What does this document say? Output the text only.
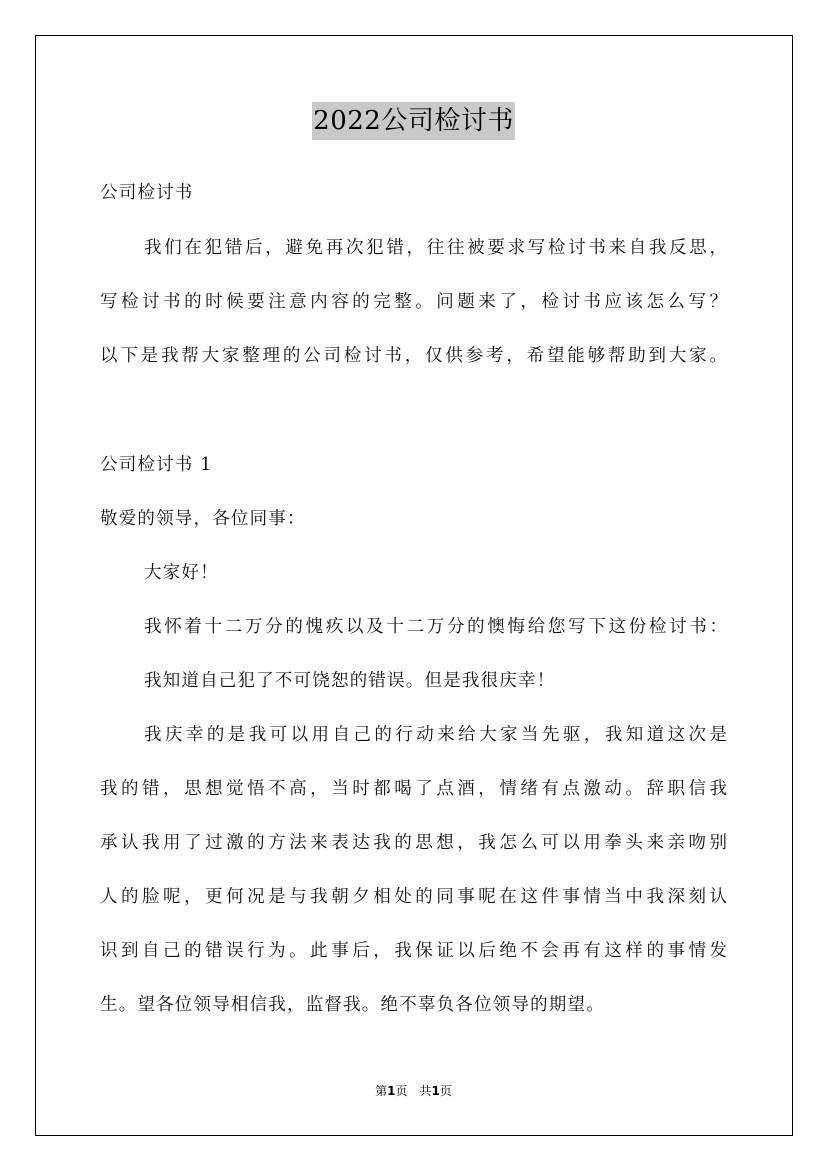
2022公司检讨书
公司检讨书
我们在犯错后，避免再次犯错，往往被要求写检讨书来自我反思，
写检讨书的时候要注意内容的完整。问题来了，检讨书应该怎么写？
以下是我帮大家整理的公司检讨书，仅供参考，希望能够帮助到大家。
公司检讨书 1
敬爱的领导，各位同事：
大家好！
我怀着十二万分的愧疚以及十二万分的懊悔给您写下这份检讨书：
我知道自己犯了不可饶恕的错误。但是我很庆幸！
我庆幸的是我可以用自己的行动来给大家当先驱，我知道这次是
我的错，思想觉悟不高，当时都喝了点酒，情绪有点激动。辞职信我
承认我用了过激的方法来表达我的思想，我怎么可以用拳头来亲吻别
人的脸呢，更何况是与我朝夕相处的同事呢在这件事情当中我深刻认
识到自己的错误行为。此事后，我保证以后绝不会再有这样的事情发
生。望各位领导相信我，监督我。绝不辜负各位领导的期望。
第1页 共1页
